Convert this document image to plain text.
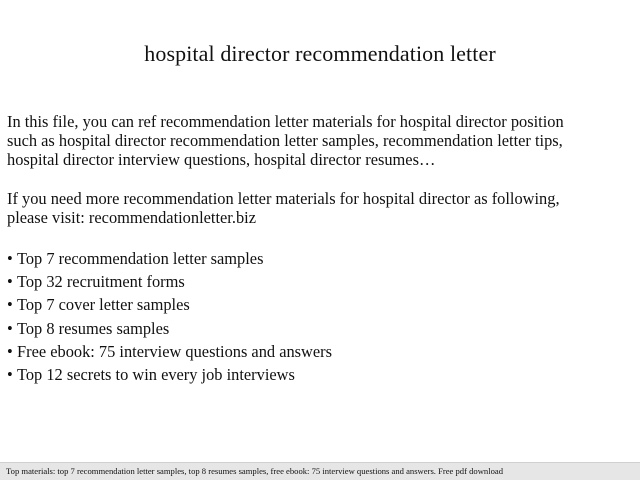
hospital director recommendation letter

In this file, you can ref recommendation letter materials for hospital director position
such as hospital director recommendation letter samples, recommendation letter tips,
hospital director interview questions, hospital director resumes…

If you need more recommendation letter materials for hospital director as following,
please visit: recommendationletter.biz

• Top 7 recommendation letter samples
• Top 32 recruitment forms
• Top 7 cover letter samples
• Top 8 resumes samples
• Free ebook: 75 interview questions and answers
• Top 12 secrets to win every job interviews
Top materials: top 7 recommendation letter samples, top 8 resumes samples, free ebook: 75 interview questions and answers. Free pdf download
